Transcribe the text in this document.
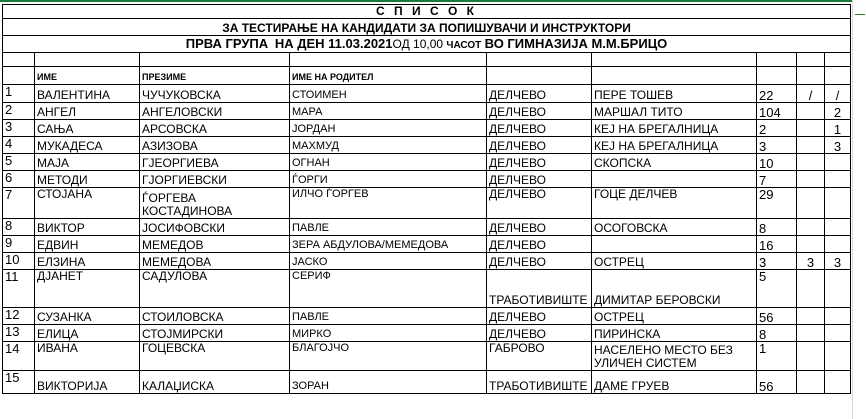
С П И С О К								
ЗА ТЕСТИРАЊЕ НА КАНДИДАТИ ЗА ПОПИШУВАЧИ И ИНСТРУКТОРИ								
ПРВА ГРУПА НА ДЕН 11.03.2021ОД 10,00 ЧАСОТ ВО ГИМНАЗИЈА М.М.БРИЦО								

	ИМЕ	ПРЕЗИМЕ	ИМЕ НА РОДИТЕЛ					
1	ВАЛЕНТИНА	ЧУЧУКОВСКА	СТОИМЕН	ДЕЛЧЕВО	ПЕРЕ ТОШЕВ	22	/	/
2	АНГЕЛ	АНГЕЛОВСКИ	МАРА	ДЕЛЧЕВО	МАРШАЛ ТИТО	104		2
3	САЊА	АРСОВСКА	ЈОРДАН	ДЕЛЧЕВО	КЕЈ НА БРЕГАЛНИЦА	2		1
4	МУКАДЕСА	АЗИЗОВА	МАХМУД	ДЕЛЧЕВО	КЕЈ НА БРЕГАЛНИЦА	3		3
5	МАЈА	ГЈЕОРГИЕВА	ОГНАН	ДЕЛЧЕВО	СКОПСКА	10		
6	МЕТОДИ	ГЈОРГИЕВСКИ	ЃОРГИ	ДЕЛЧЕВО		7		
7	СТОЈАНА	ЃОРГЕВА КОСТАДИНОВА	ИЛЧО ЃОРГЕВ	ДЕЛЧЕВО	ГОЦЕ ДЕЛЧЕВ	29		
8	ВИКТОР	ЈОСИФОВСКИ	ПАВЛЕ	ДЕЛЧЕВО	ОСОГОВСКА	8		
9	ЕДВИН	МЕМЕДОВ	ЗЕРА АБДУЛОВА/МЕМЕДОВА	ДЕЛЧЕВО		16		
10	ЕЛЗИНА	МЕМЕДОВА	ЈАСКО	ДЕЛЧЕВО	ОСТРЕЦ	3	3	3
11	ДЈАНЕТ	САДУЛОВА	СЕРИФ	ТРАБОТИВИШТЕ	ДИМИТАР БЕРОВСКИ	5		
12	СУЗАНКА	СТОИЛОВСКА	ПАВЛЕ	ДЕЛЧЕВО	ОСТРЕЦ	56		
13	ЕЛИЦА	СТОЈМИРСКИ	МИРКО	ДЕЛЧЕВО	ПИРИНСКА	8		
14	ИВАНА	ГОЦЕВСКА	БЛАГОЈЧО	ГАБРОВО	НАСЕЛЕНО МЕСТО БЕЗ УЛИЧЕН СИСТЕМ	1		
15	ВИКТОРИЈА	КАЛАЏИСКА	ЗОРАН	ТРАБОТИВИШТЕ	ДАМЕ ГРУЕВ	56		
